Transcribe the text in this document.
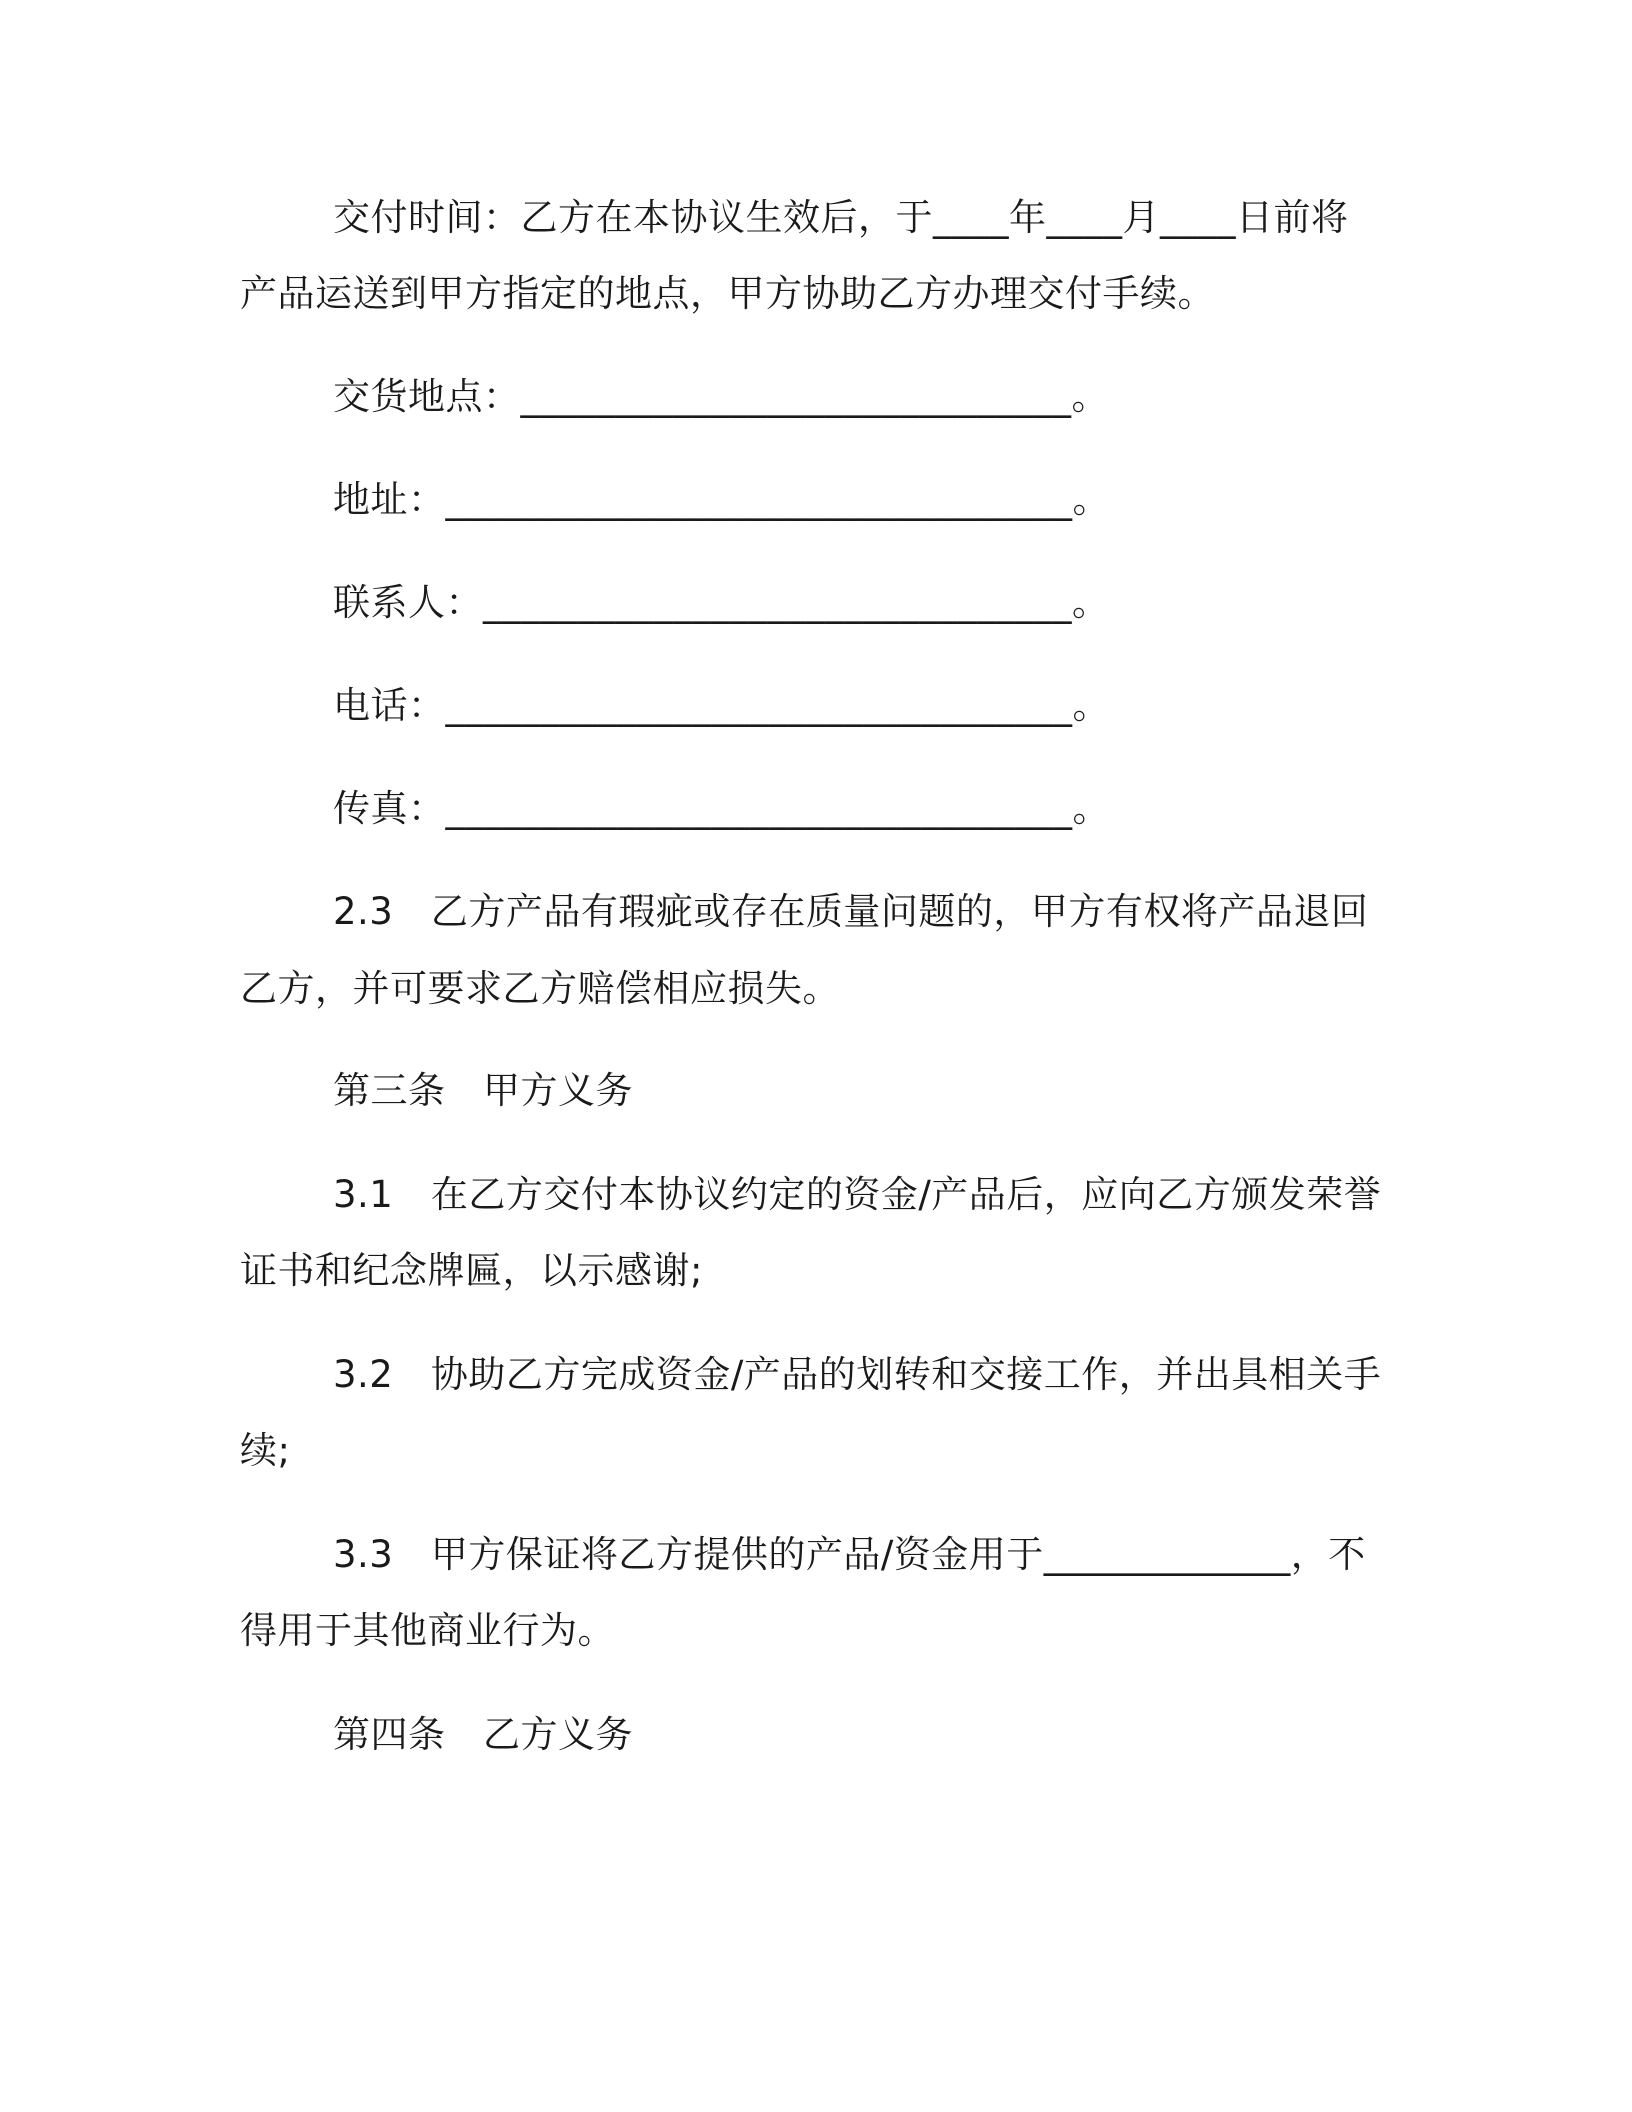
交付时间：乙方在本协议生效后，于____年____月____日前将
产品运送到甲方指定的地点，甲方协助乙方办理交付手续。
交货地点：_____________________________。
地址：_________________________________。
联系人：_______________________________。
电话：_________________________________。
传真：_________________________________。
2.3　乙方产品有瑕疵或存在质量问题的，甲方有权将产品退回
乙方，并可要求乙方赔偿相应损失。
第三条　甲方义务
3.1　在乙方交付本协议约定的资金/产品后，应向乙方颁发荣誉
证书和纪念牌匾，以示感谢;
3.2　协助乙方完成资金/产品的划转和交接工作，并出具相关手
续;
3.3　甲方保证将乙方提供的产品/资金用于_____________，不
得用于其他商业行为。
第四条　乙方义务
